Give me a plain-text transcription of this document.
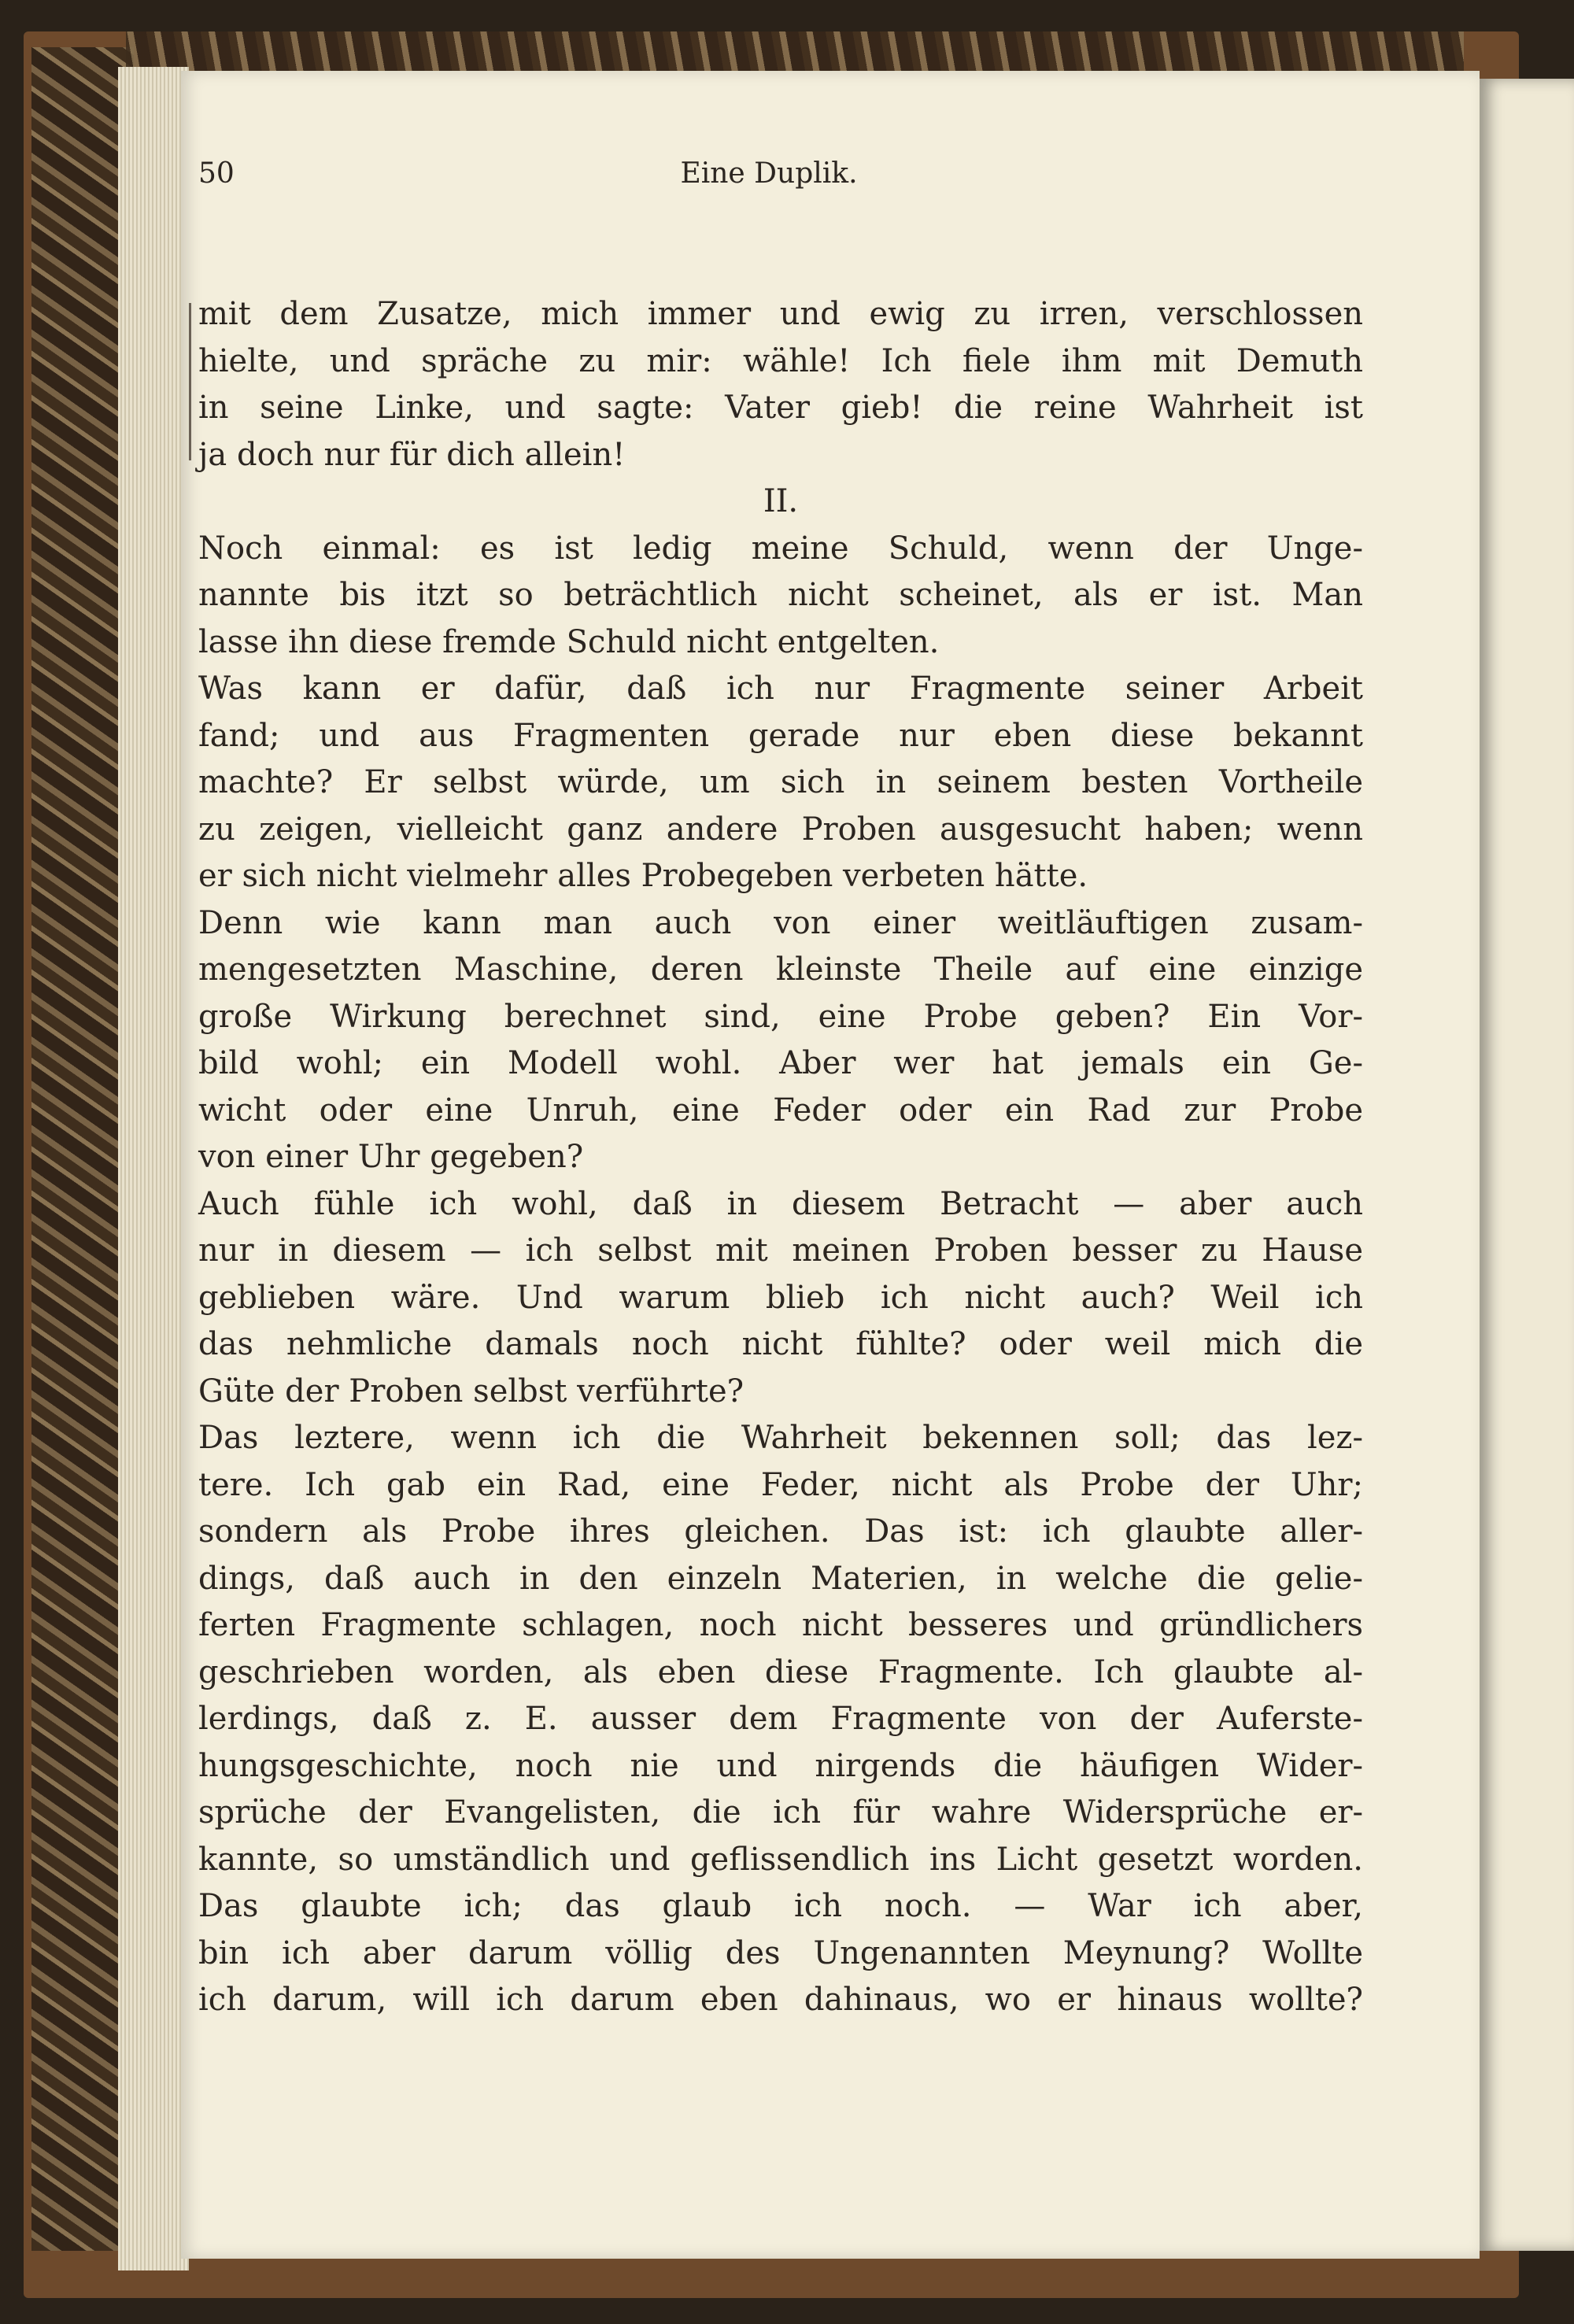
50	Eine Duplik.
mit dem Zusatze, mich immer und ewig zu irren, verschlossen
hielte, und spräche zu mir: wähle! Ich fiele ihm mit Demuth
in seine Linke, und sagte: Vater gieb! die reine Wahrheit ist
ja doch nur für dich allein!
II.
Noch einmal: es ist ledig meine Schuld, wenn der Unge-
nannte bis itzt so beträchtlich nicht scheinet, als er ist. Man
lasse ihn diese fremde Schuld nicht entgelten.
Was kann er dafür, daß ich nur Fragmente seiner Arbeit
fand; und aus Fragmenten gerade nur eben diese bekannt
machte? Er selbst würde, um sich in seinem besten Vortheile
zu zeigen, vielleicht ganz andere Proben ausgesucht haben; wenn
er sich nicht vielmehr alles Probegeben verbeten hätte.
Denn wie kann man auch von einer weitläuftigen zusam-
mengesetzten Maschine, deren kleinste Theile auf eine einzige
große Wirkung berechnet sind, eine Probe geben? Ein Vor-
bild wohl; ein Modell wohl. Aber wer hat jemals ein Ge-
wicht oder eine Unruh, eine Feder oder ein Rad zur Probe
von einer Uhr gegeben?
Auch fühle ich wohl, daß in diesem Betracht — aber auch
nur in diesem — ich selbst mit meinen Proben besser zu Hause
geblieben wäre. Und warum blieb ich nicht auch? Weil ich
das nehmliche damals noch nicht fühlte? oder weil mich die
Güte der Proben selbst verführte?
Das leztere, wenn ich die Wahrheit bekennen soll; das lez-
tere. Ich gab ein Rad, eine Feder, nicht als Probe der Uhr;
sondern als Probe ihres gleichen. Das ist: ich glaubte aller-
dings, daß auch in den einzeln Materien, in welche die gelie-
ferten Fragmente schlagen, noch nicht besseres und gründlichers
geschrieben worden, als eben diese Fragmente. Ich glaubte al-
lerdings, daß z. E. ausser dem Fragmente von der Auferste-
hungsgeschichte, noch nie und nirgends die häufigen Wider-
sprüche der Evangelisten, die ich für wahre Widersprüche er-
kannte, so umständlich und geflissendlich ins Licht gesetzt worden.
Das glaubte ich; das glaub ich noch. — War ich aber,
bin ich aber darum völlig des Ungenannten Meynung? Wollte
ich darum, will ich darum eben dahinaus, wo er hinaus wollte?
